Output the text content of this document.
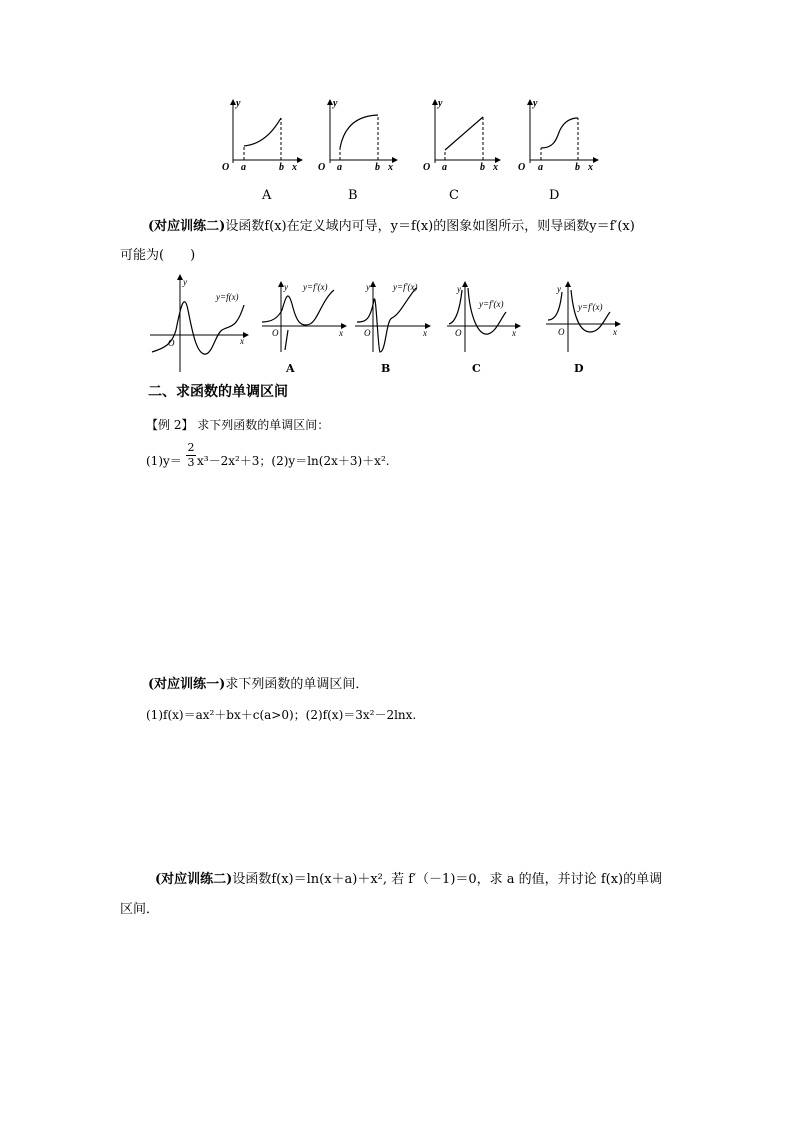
y
O a	b x
y
O a	b x
y
O a	b x
y
O a	b x
A	B	C	D
(对应训练二)设函数f(x)在定义域内可导，y＝f(x)的图象如图所示，则导函数y＝f′(x)
可能为(　　)
y
O	x
y=f(x)
y
O	x
y=f′(x)	y
O	x
y=f′(x)	y
O	x
y=f′(x)
y
O	x
y=f′(x)
A	B	C	D
二、求函数的单调区间
【例 2】 求下列函数的单调区间：
(1)y＝
2
3 x³－2x²＋3；(2)y＝ln(2x＋3)＋x².
(对应训练一)求下列函数的单调区间．
(1)f(x)＝ax²＋bx＋c(a>0)；(2)f(x)＝3x²－2lnx.
(对应训练二)设函数f(x)＝ln(x＋a)＋x², 若 f′（－1)＝0，求 a 的值，并讨论 f(x)的单调
区间．
